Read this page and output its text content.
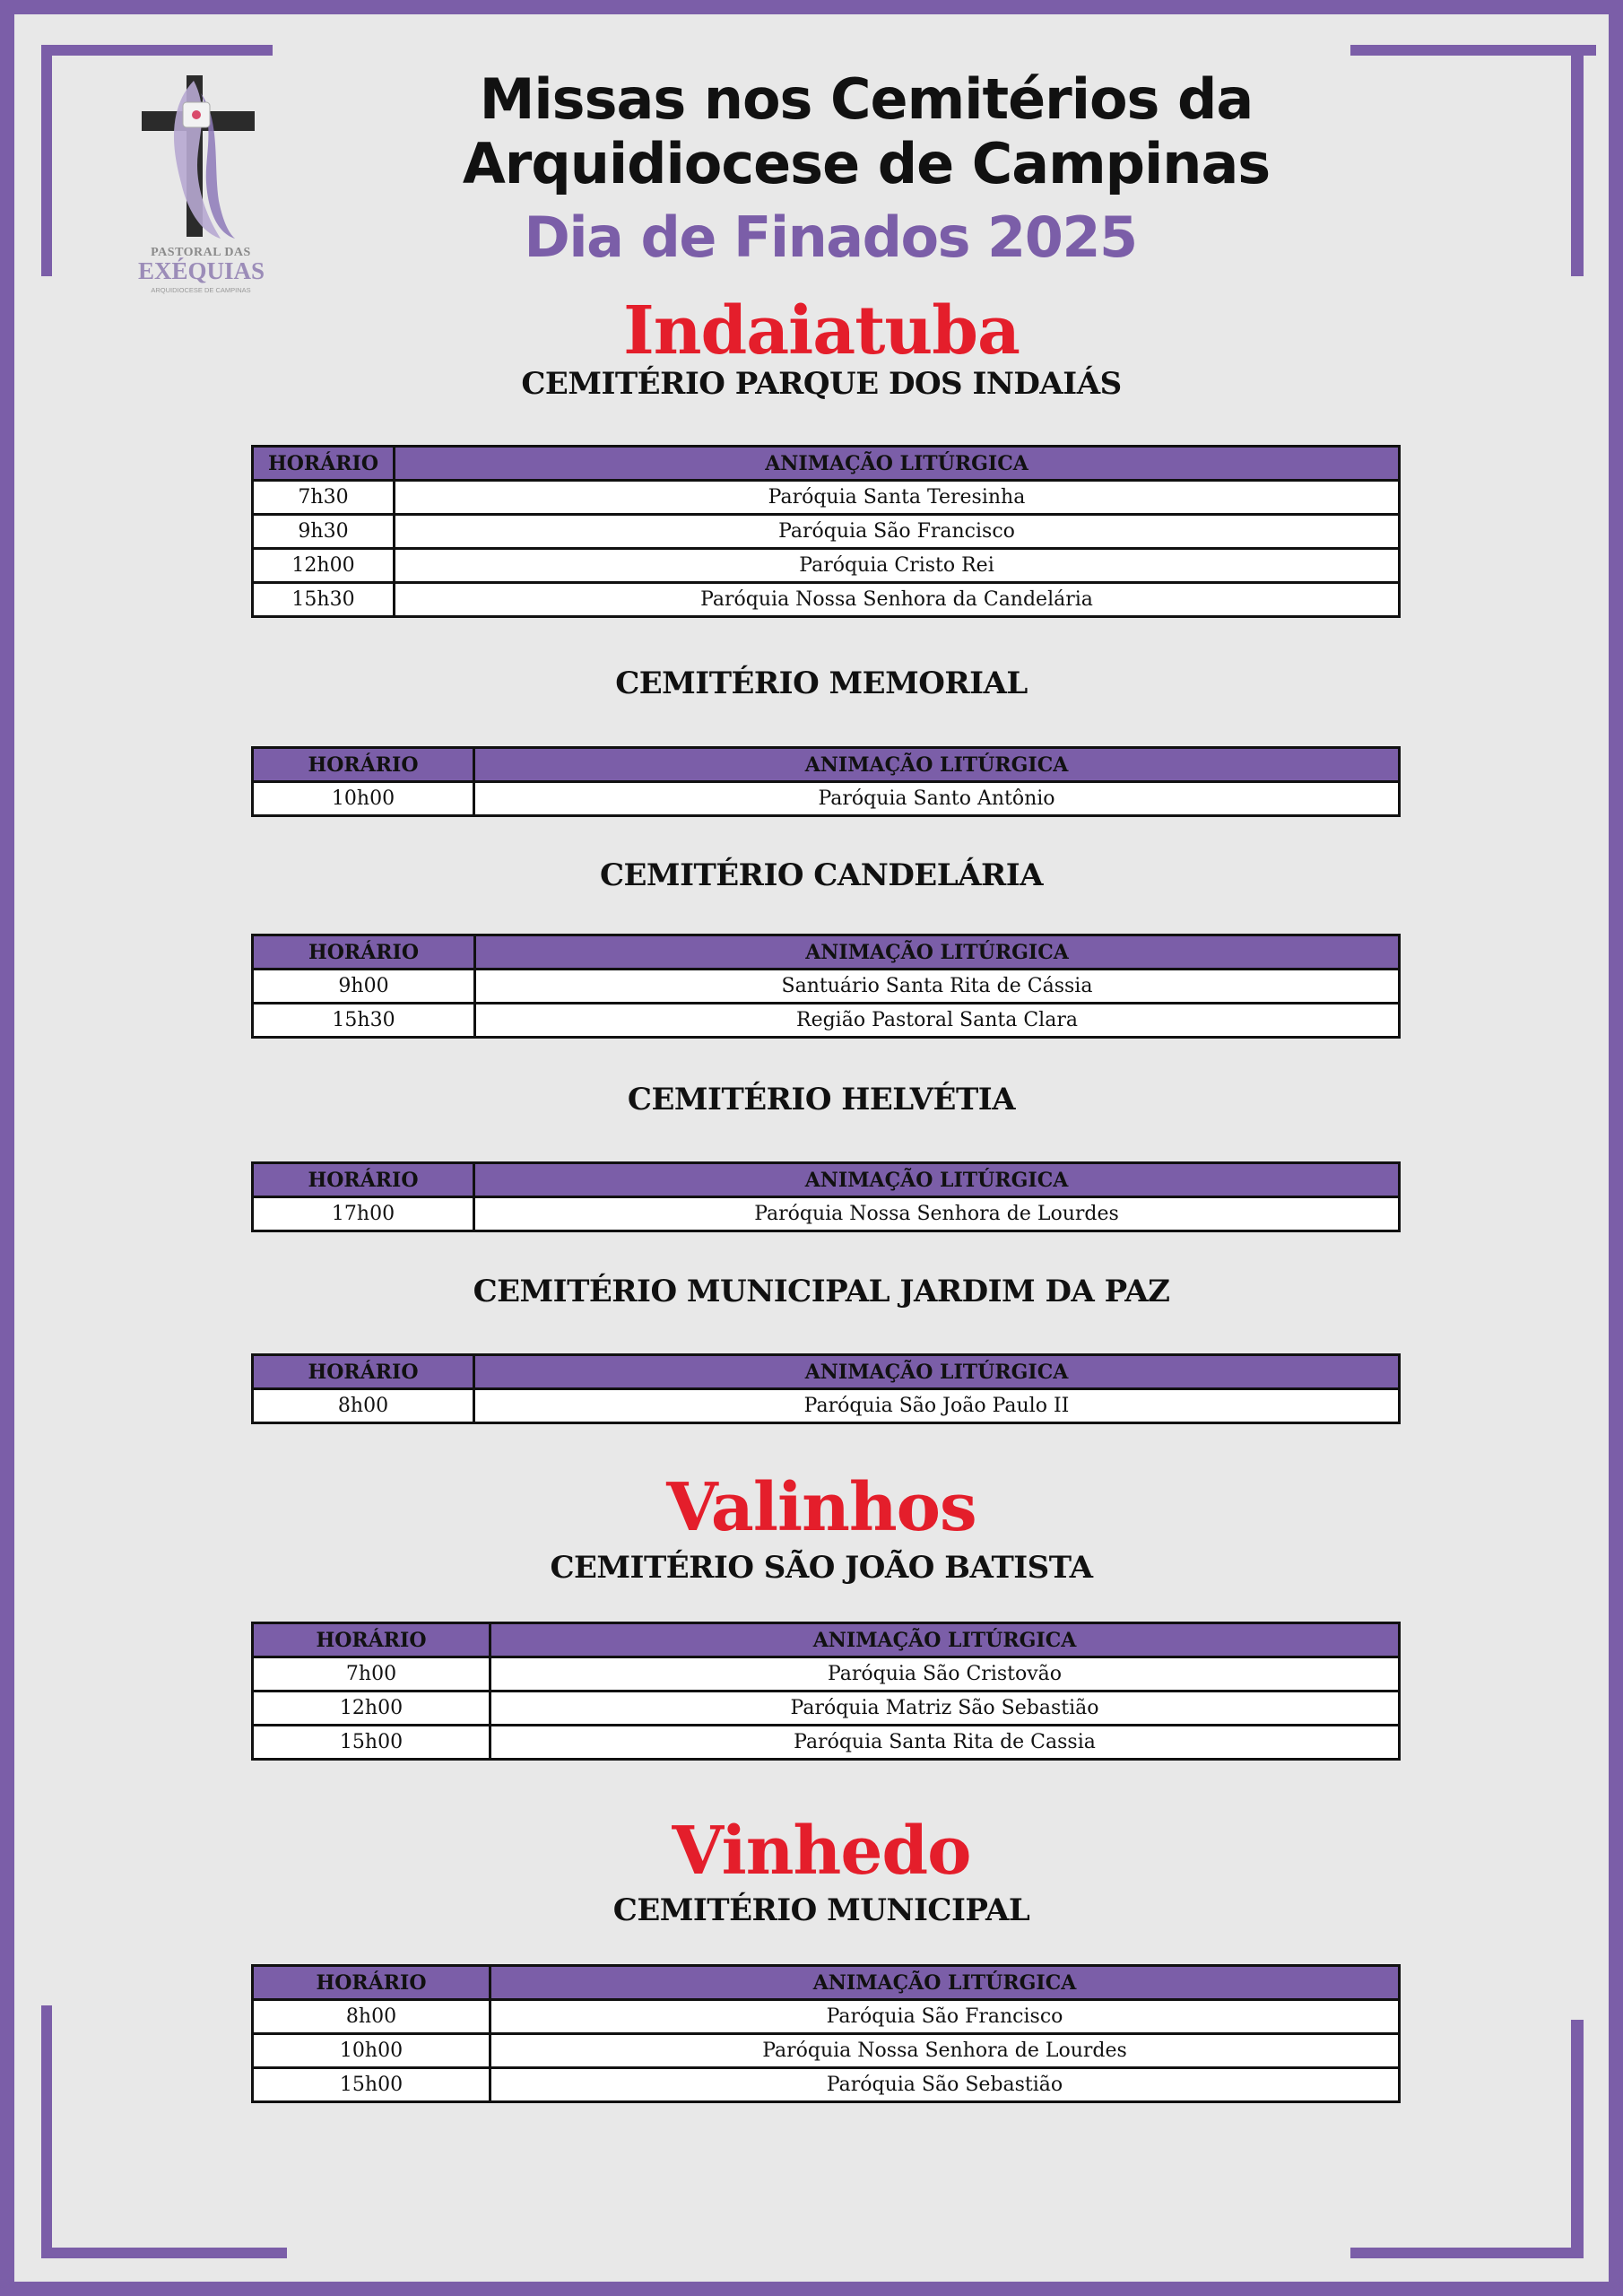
PASTORAL DAS
EXÉQUIAS
ARQUIDIOCESE DE CAMPINAS
Missas nos Cemitérios da
Arquidiocese de Campinas
Dia de Finados 2025
Indaiatuba
CEMITÉRIO PARQUE DOS INDAIÁS
HORÁRIO	ANIMAÇÃO LITÚRGICA
7h30	Paróquia Santa Teresinha
9h30	Paróquia São Francisco
12h00	Paróquia Cristo Rei
15h30	Paróquia Nossa Senhora da Candelária
CEMITÉRIO MEMORIAL
HORÁRIO	ANIMAÇÃO LITÚRGICA
10h00	Paróquia Santo Antônio
CEMITÉRIO CANDELÁRIA
HORÁRIO	ANIMAÇÃO LITÚRGICA
9h00	Santuário Santa Rita de Cássia
15h30	Região Pastoral Santa Clara
CEMITÉRIO HELVÉTIA
HORÁRIO	ANIMAÇÃO LITÚRGICA
17h00	Paróquia Nossa Senhora de Lourdes
CEMITÉRIO MUNICIPAL JARDIM DA PAZ
HORÁRIO	ANIMAÇÃO LITÚRGICA
8h00	Paróquia São João Paulo II
Valinhos
CEMITÉRIO SÃO JOÃO BATISTA
HORÁRIO	ANIMAÇÃO LITÚRGICA
7h00	Paróquia São Cristovão
12h00	Paróquia Matriz São Sebastião
15h00	Paróquia Santa Rita de Cassia
Vinhedo
CEMITÉRIO MUNICIPAL
HORÁRIO	ANIMAÇÃO LITÚRGICA
8h00	Paróquia São Francisco
10h00	Paróquia Nossa Senhora de Lourdes
15h00	Paróquia São Sebastião
